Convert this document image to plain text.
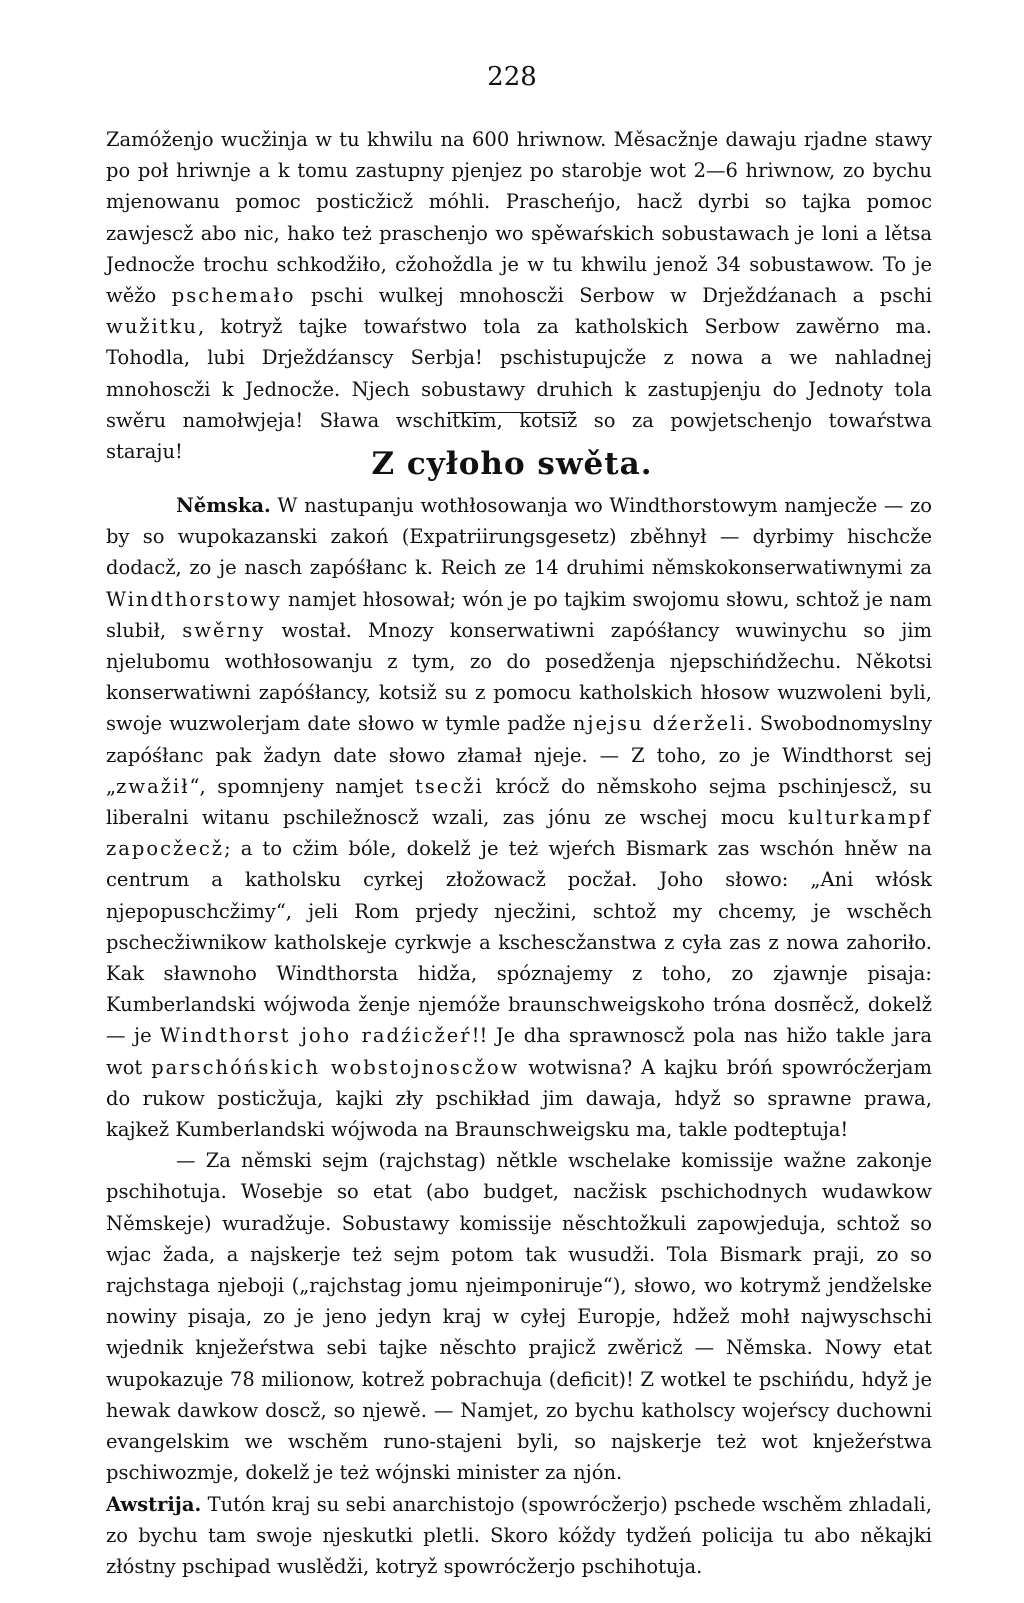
228

Zamóženjo wucžinja w tu khwilu na 600 hriwnow. Měsacžnje dawaju rjadne stawy po poł hriwnje a k tomu zastupny pjenjez po starobje wot 2—6 hriwnow, zo bychu mjenowanu pomoc posticžicž móhli. Prascheńjo, hacž dyrbi so tajka pomoc zawjescž abo nic, hako też praschenjo wo spěwaŕskich sobustawach je loni a lětsa Jednocže trochu schkodžiło, cžohoždla je w tu khwilu jenož 34 sobustawow. To je wěžo pschemało pschi wulkej mnohoscži Serbow w Drježdźanach a pschi wužitku, kotryž tajke towaŕstwo tola za katholskich Serbow zawěrno ma. Tohodla, lubi Drježdźanscy Serbja! pschistupujcže z nowa a we nahladnej mnohoscži k Jednocže. Njech sobustawy druhich k zastupjenju do Jednoty tola swěru namołwjeja! Sława wschitkim, kotsiž so za powjetschenjo towaŕstwa staraju!	Z cyłoho swěta.

Němska. W nastupanju wothłosowanja wo Windthorstowym namjecže — zo by so wupokazanski zakoń (Expatriirungsgesetz) zběhnył — dyrbimy hischcže dodacž, zo je nasch zapóśłanc k. Reich ze 14 druhimi němskokonserwatiwnymi za Windthorstowy namjet hłosował; wón je po tajkim swojomu słowu, schtož je nam slubił, swěrny wostał. Mnozy konserwatiwni zapóśłancy wuwinychu so jim njelubomu wothłosowanju z tym, zo do posedženja njepschińdžechu. Někotsi konserwatiwni zapóśłancy, kotsiž su z pomocu katholskich hłosow wuzwoleni byli, swoje wuzwolerjam date słowo w tymle padže njejsu dźerželi. Swobodnomyslny zapóśłanc pak žadyn date słowo złamał njeje. — Z toho, zo je Windthorst sej „zwažił“, spomnjeny namjet tsecži krócž do němskoho sejma pschinjescž, su liberalni witanu pschiležnoscž wzali, zas jónu ze wschej mocu kulturkampf zapocžecž; a to cžim bóle, dokelž je też wjeŕch Bismark zas wschón hněw na centrum a katholsku cyrkej złožowacž pocžał. Joho słowo: „Ani włósk njepopuschcžimy“, jeli Rom prjedy njecžini, schtož my chcemy, je wschěch pschecžiwnikow katholskeje cyrkwje a kschescžanstwa z cyła zas z nowa zahoriło. Kak sławnoho Windthorsta hidža, spóznajemy z toho, zo zjawnje pisaja: Kumberlandski wójwoda ženje njemóže braunschweigskoho tróna dosпěcž, dokelž — je Windthorst joho radźicžeŕ!! Je dha sprawnoscž pola nas hižo takle jara wot parschóńskich wobstojnoscžow wotwisna? A kajku bróń spowrócžerjam do rukow posticžuja, kajki zły pschikład jim dawaja, hdyž so sprawne prawa, kajkež Kumberlandski wójwoda na Braunschweigsku ma, takle podteptuja!

— Za němski sejm (rajchstag) nětkle wschelake komissije wažne zakonje pschihotuja. Wosebje so etat (abo budget, nacžisk pschichodnych wudawkow Němskeje) wuradžuje. Sobustawy komissije něschtožkuli zapowjeduja, schtož so wjac žada, a najskerje też sejm potom tak wusudži. Tola Bismark praji, zo so rajchstaga njeboji („rajchstag jomu njeimponiruje“), słowo, wo kotrymž jendželske nowiny pisaja, zo je jeno jedyn kraj w cyłej Europje, hdžež mohł najwyschschi wjednik knježeŕstwa sebi tajke něschto prajicž zwěricž — Němska. Nowy etat wupokazuje 78 milionow, kotrež pobrachuja (deficit)! Z wotkel te pschińdu, hdyž je hewak dawkow doscž, so njewě. — Namjet, zo bychu katholscy wojeŕscy duchowni evangelskim we wschěm runo-stajeni byli, so najskerje też wot knježeŕstwa pschiwozmje, dokelž je też wójnski minister za njón.

Awstrija. Tutón kraj su sebi anarchistojo (spowrócžerjo) pschede wschěm zhladali, zo bychu tam swoje njeskutki pletli. Skoro kóždy tydžeń policija tu abo někajki złóstny pschipad wuslědži, kotryž spowrócžerjo pschihotuja.
